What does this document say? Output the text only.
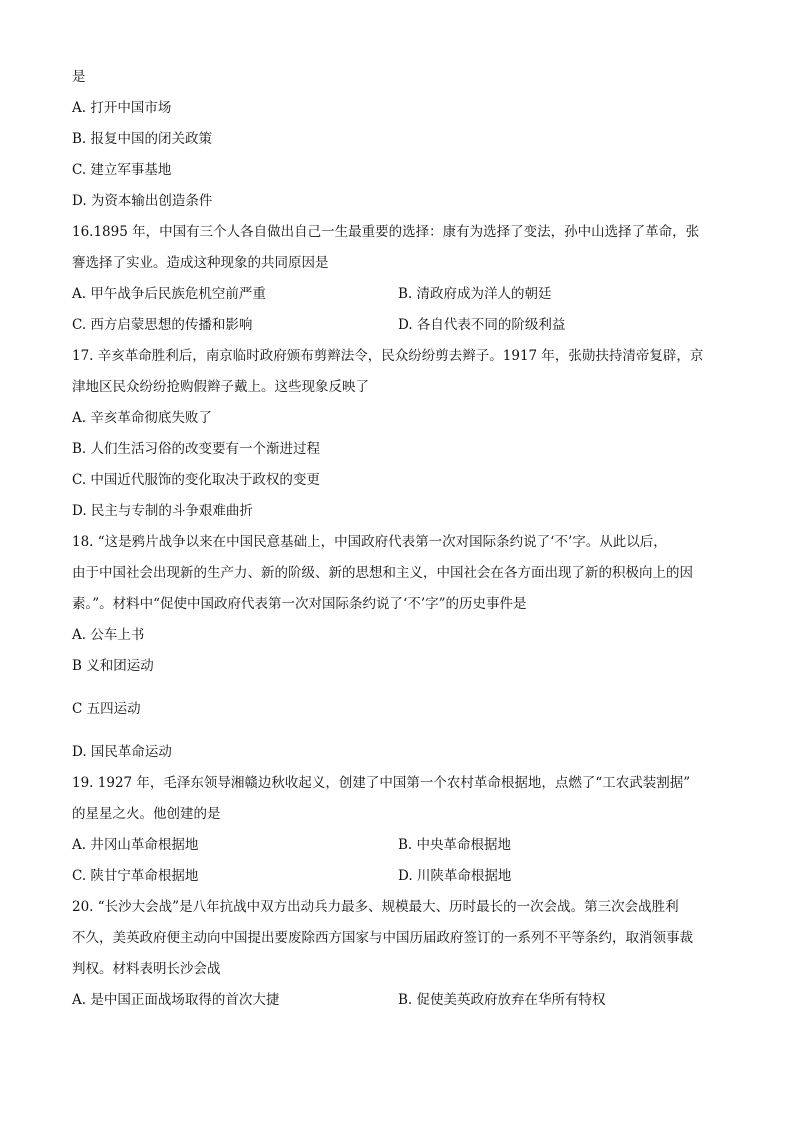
是
A. 打开中国市场
B. 报复中国的闭关政策
C. 建立军事基地
D. 为资本输出创造条件
16.1895 年，中国有三个人各自做出自己一生最重要的选择：康有为选择了变法，孙中山选择了革命，张
謇选择了实业。造成这种现象的共同原因是
A. 甲午战争后民族危机空前严重	B. 清政府成为洋人的朝廷
C. 西方启蒙思想的传播和影响	D. 各自代表不同的阶级利益
17. 辛亥革命胜利后，南京临时政府颁布剪辫法令，民众纷纷剪去辫子。1917 年，张勋扶持清帝复辟，京
津地区民众纷纷抢购假辫子戴上。这些现象反映了
A. 辛亥革命彻底失败了
B. 人们生活习俗的改变要有一个渐进过程
C. 中国近代服饰的变化取决于政权的变更
D. 民主与专制的斗争艰难曲折
18. “这是鸦片战争以来在中国民意基础上，中国政府代表第一次对国际条约说了‘不’字。从此以后，
由于中国社会出现新的生产力、新的阶级、新的思想和主义，中国社会在各方面出现了新的积极向上的因
素。”。材料中“促使中国政府代表第一次对国际条约说了‘不’字”的历史事件是
A. 公车上书
B 义和团运动
C 五四运动
D. 国民革命运动
19. 1927 年，毛泽东领导湘赣边秋收起义，创建了中国第一个农村革命根据地，点燃了“工农武装割据”
的星星之火。他创建的是
A. 井冈山革命根据地	B. 中央革命根据地
C. 陕甘宁革命根据地	D. 川陕革命根据地
20. “长沙大会战”是八年抗战中双方出动兵力最多、规模最大、历时最长的一次会战。第三次会战胜利
不久，美英政府便主动向中国提出要废除西方国家与中国历届政府签订的一系列不平等条约，取消领事裁
判权。材料表明长沙会战
A. 是中国正面战场取得的首次大捷	B. 促使美英政府放弃在华所有特权
